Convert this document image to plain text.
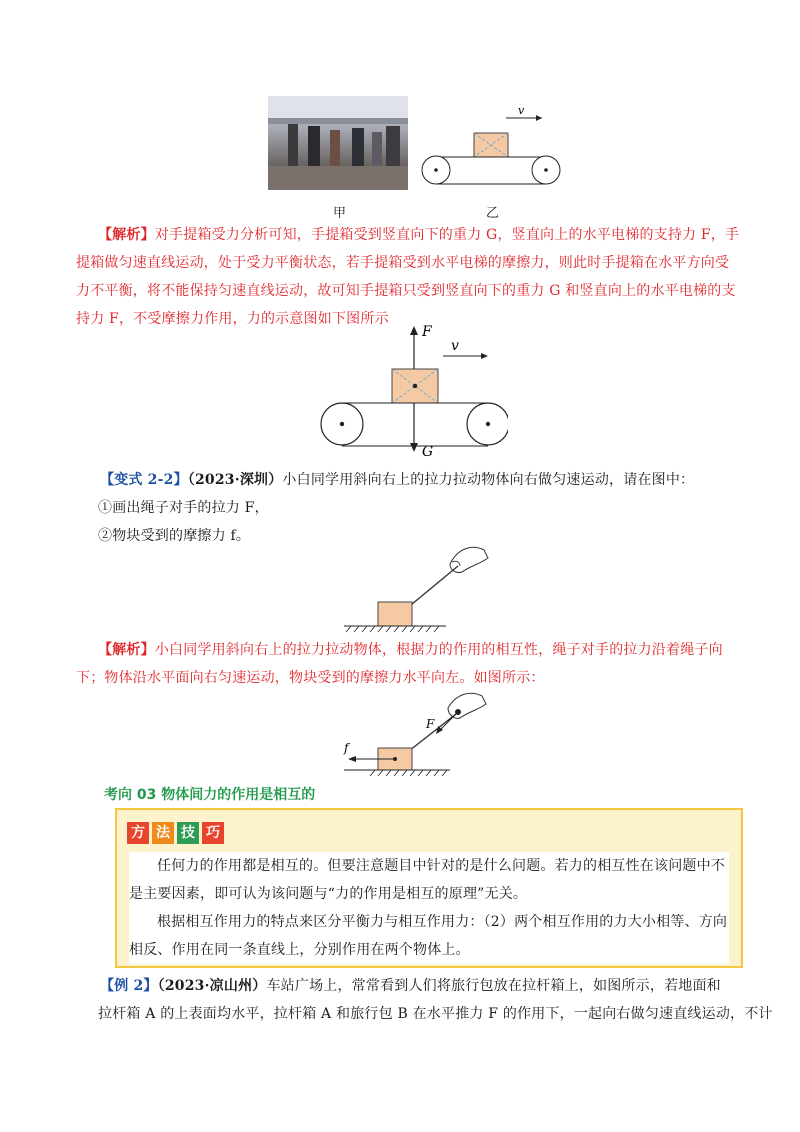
v
甲	乙
【解析】对手提箱受力分析可知，手提箱受到竖直向下的重力 G，竖直向上的水平电梯的支持力 F，手
提箱做匀速直线运动，处于受力平衡状态，若手提箱受到水平电梯的摩擦力，则此时手提箱在水平方向受
力不平衡，将不能保持匀速直线运动，故可知手提箱只受到竖直向下的重力 G 和竖直向上的水平电梯的支
持力 F，不受摩擦力作用，力的示意图如下图所示
F
G
v
【变式 2-2】（2023·深圳）小白同学用斜向右上的拉力拉动物体向右做匀速运动，请在图中：
①画出绳子对手的拉力 F，
②物块受到的摩擦力 f。
【解析】小白同学用斜向右上的拉力拉动物体，根据力的作用的相互性，绳子对手的拉力沿着绳子向
下；物体沿水平面向右匀速运动，物块受到的摩擦力水平向左。如图所示：
F
f
考向 03 物体间力的作用是相互的
方 法 技 巧
任何力的作用都是相互的。但要注意题目中针对的是什么问题。若力的相互性在该问题中不
是主要因素，即可认为该问题与“力的作用是相互的原理”无关。
根据相互作用力的特点来区分平衡力与相互作用力：（2）两个相互作用的力大小相等、方向
相反、作用在同一条直线上，分别作用在两个物体上。
【例 2】（2023·凉山州）车站广场上，常常看到人们将旅行包放在拉杆箱上，如图所示，若地面和
拉杆箱 A 的上表面均水平，拉杆箱 A 和旅行包 B 在水平推力 F 的作用下，一起向右做匀速直线运动，不计
